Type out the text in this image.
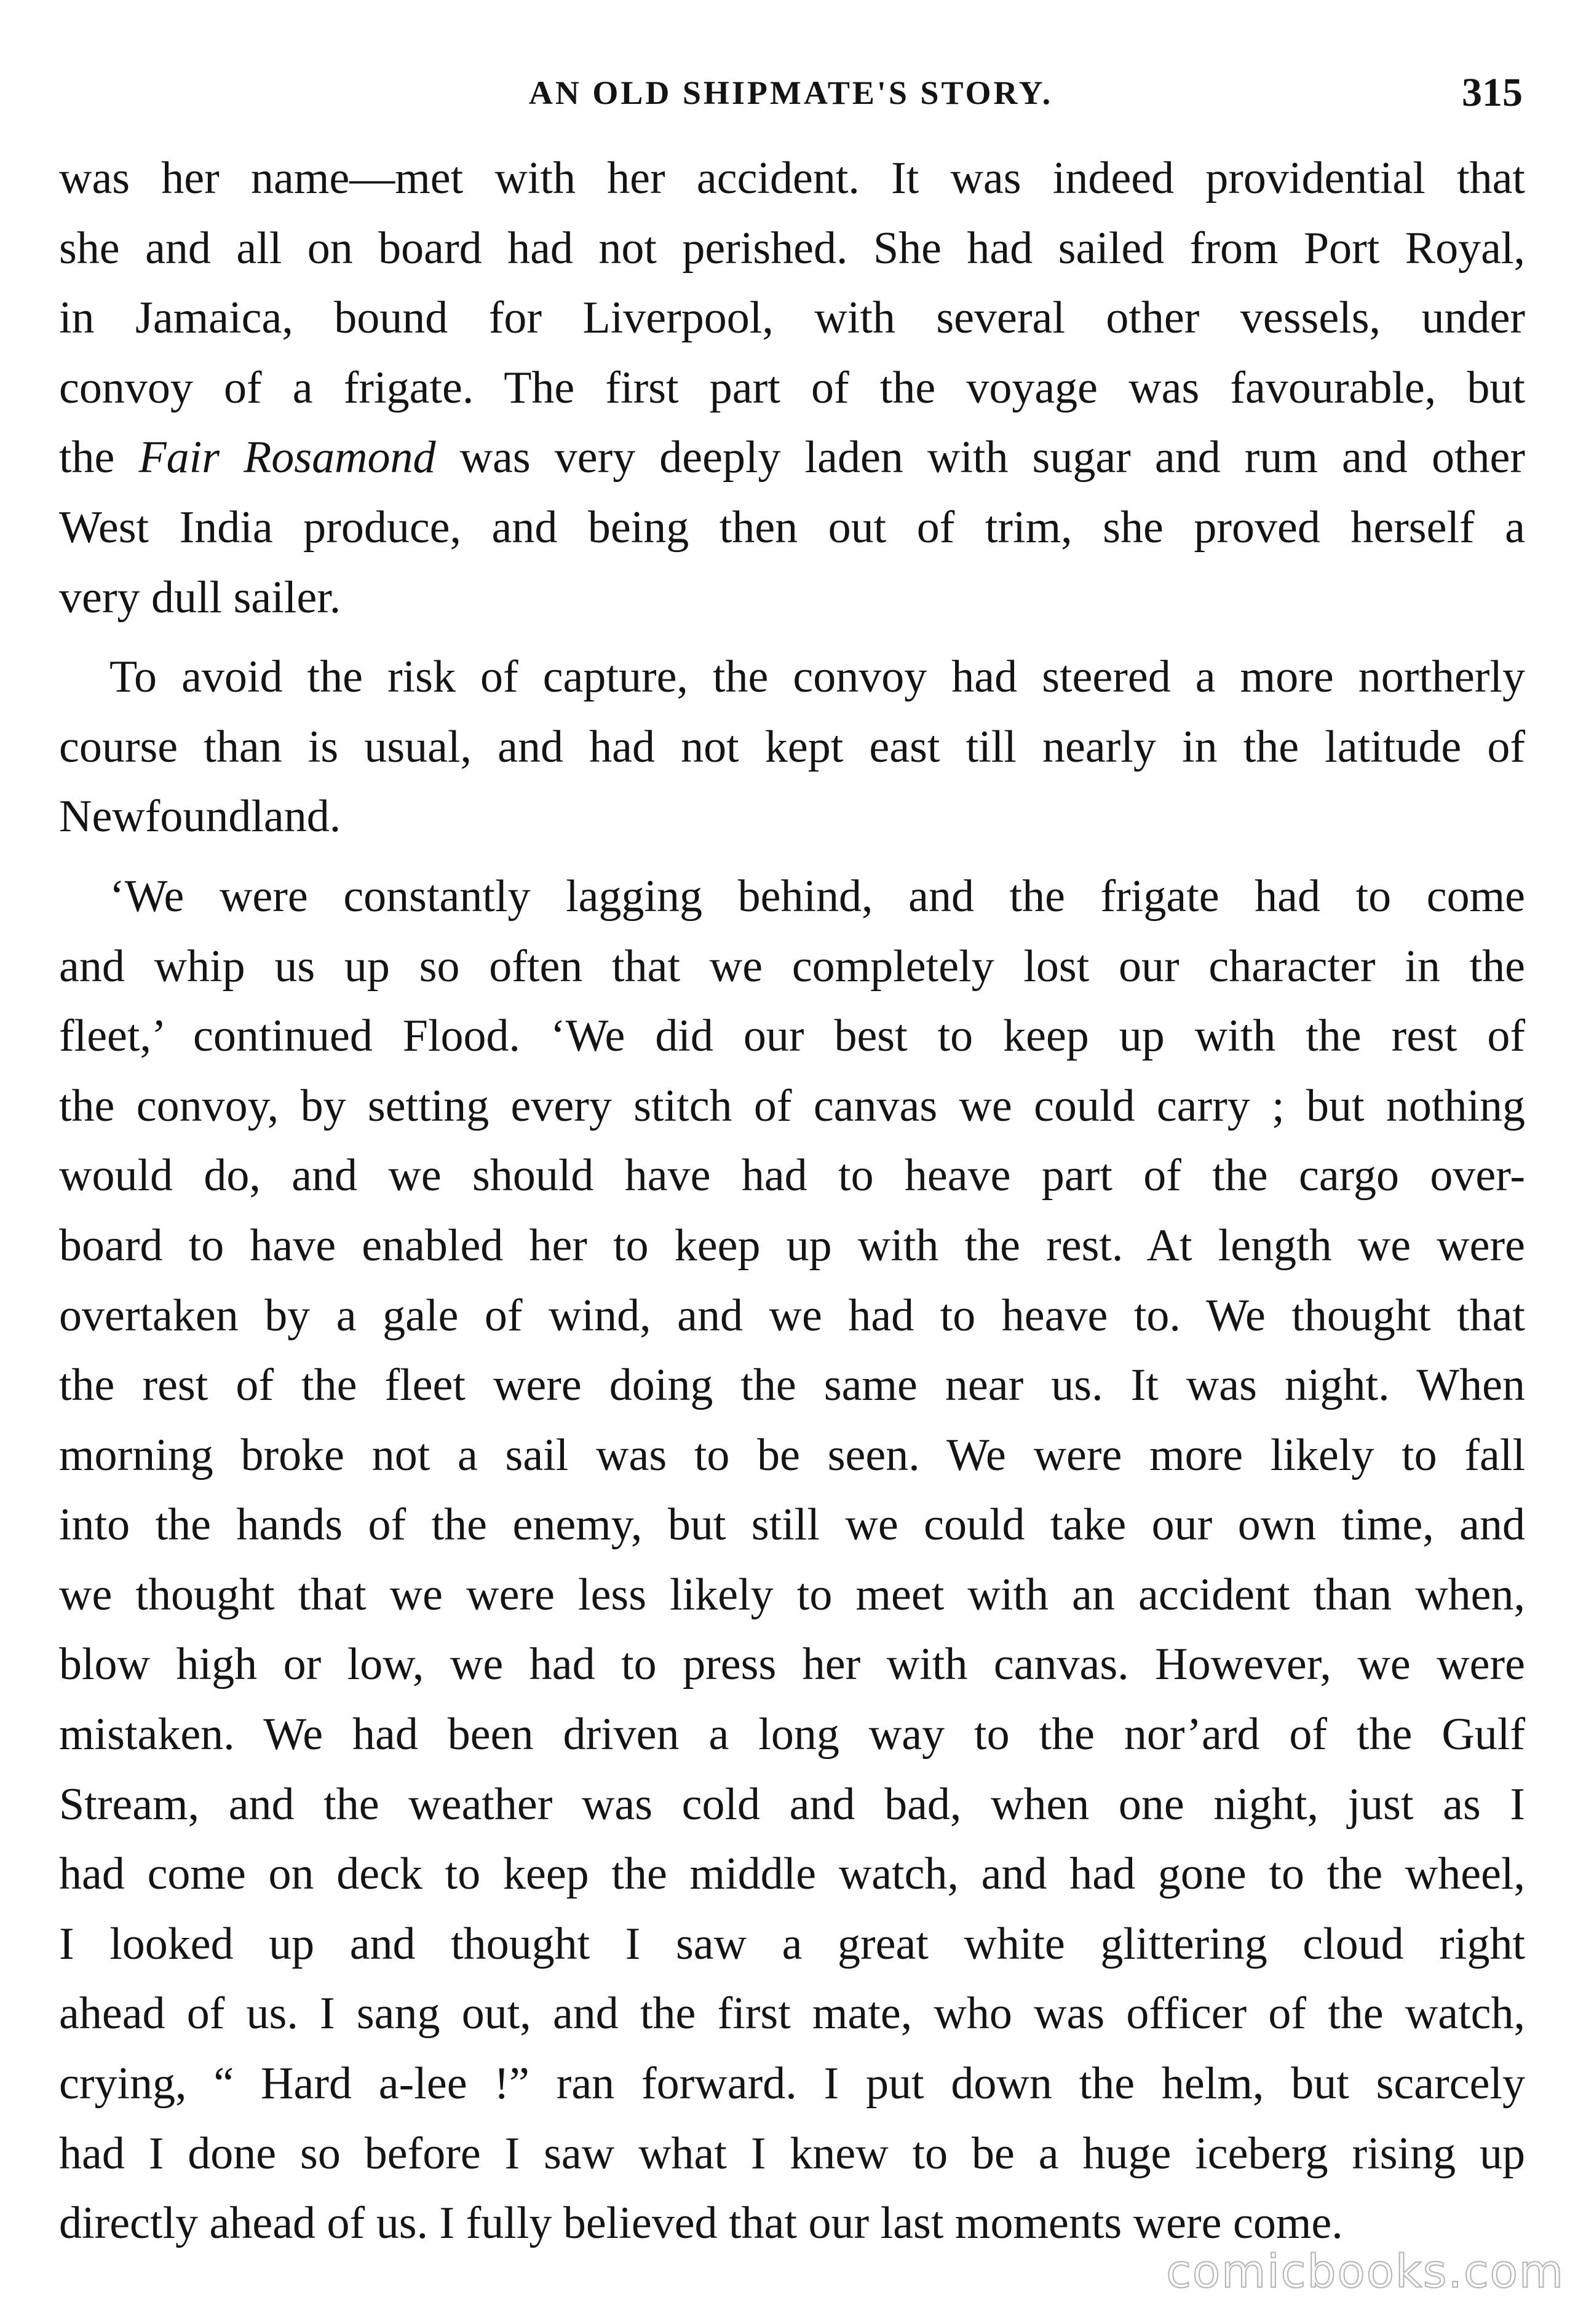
AN OLD SHIPMATE'S STORY.	315
was her name—met with her accident. It was indeed providential that
she and all on board had not perished. She had sailed from Port Royal,
in Jamaica, bound for Liverpool, with several other vessels, under
convoy of a frigate. The first part of the voyage was favourable, but
the Fair Rosamond was very deeply laden with sugar and rum and other
West India produce, and being then out of trim, she proved herself a
very dull sailer.
To avoid the risk of capture, the convoy had steered a more northerly
course than is usual, and had not kept east till nearly in the latitude of
Newfoundland.
‘We were constantly lagging behind, and the frigate had to come
and whip us up so often that we completely lost our character in the
fleet,’ continued Flood. ‘We did our best to keep up with the rest of
the convoy, by setting every stitch of canvas we could carry ; but nothing
would do, and we should have had to heave part of the cargo over-
board to have enabled her to keep up with the rest. At length we were
overtaken by a gale of wind, and we had to heave to. We thought that
the rest of the fleet were doing the same near us. It was night. When
morning broke not a sail was to be seen. We were more likely to fall
into the hands of the enemy, but still we could take our own time, and
we thought that we were less likely to meet with an accident than when,
blow high or low, we had to press her with canvas. However, we were
mistaken. We had been driven a long way to the nor’ard of the Gulf
Stream, and the weather was cold and bad, when one night, just as I
had come on deck to keep the middle watch, and had gone to the wheel,
I looked up and thought I saw a great white glittering cloud right
ahead of us. I sang out, and the first mate, who was officer of the watch,
crying, “ Hard a-lee !” ran forward. I put down the helm, but scarcely
had I done so before I saw what I knew to be a huge iceberg rising up
directly ahead of us. I fully believed that our last moments were come.
comicbooks.com
